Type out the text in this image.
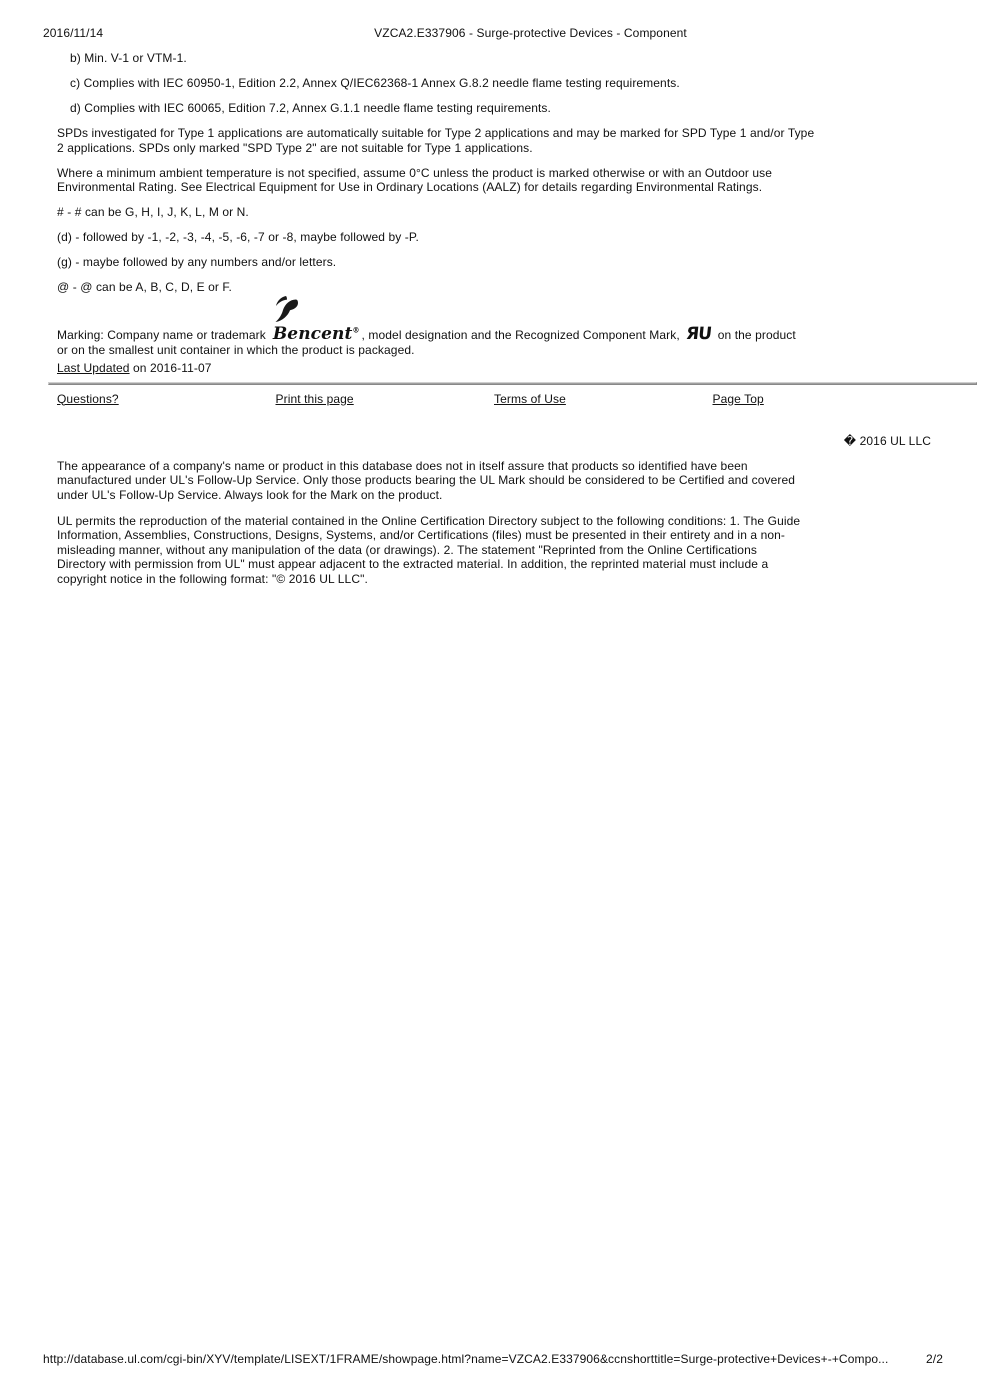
2016/11/14	VZCA2.E337906 - Surge-protective Devices - Component
b) Min. V-1 or VTM-1.
c) Complies with IEC 60950-1, Edition 2.2, Annex Q/IEC62368-1 Annex G.8.2 needle flame testing requirements.
d) Complies with IEC 60065, Edition 7.2, Annex G.1.1 needle flame testing requirements.
SPDs investigated for Type 1 applications are automatically suitable for Type 2 applications and may be marked for SPD Type 1 and/or Type
2 applications. SPDs only marked "SPD Type 2" are not suitable for Type 1 applications.
Where a minimum ambient temperature is not specified, assume 0°C unless the product is marked otherwise or with an Outdoor use
Environmental Rating. See Electrical Equipment for Use in Ordinary Locations (AALZ) for details regarding Environmental Ratings.
# - # can be G, H, I, J, K, L, M or N.
(d) - followed by -1, -2, -3, -4, -5, -6, -7 or -8, maybe followed by -P.
(g) - maybe followed by any numbers and/or letters.
@ - @ can be A, B, C, D, E or F.
Marking: Company name or trademark Bencent® , model designation and the Recognized Component Mark, ЯU on the product
or on the smallest unit container in which the product is packaged.
Last Updated on 2016-11-07
Questions?	Print this page	Terms of Use	Page Top
� 2016 UL LLC
The appearance of a company's name or product in this database does not in itself assure that products so identified have been
manufactured under UL's Follow-Up Service. Only those products bearing the UL Mark should be considered to be Certified and covered
under UL's Follow-Up Service. Always look for the Mark on the product.
UL permits the reproduction of the material contained in the Online Certification Directory subject to the following conditions: 1. The Guide
Information, Assemblies, Constructions, Designs, Systems, and/or Certifications (files) must be presented in their entirety and in a non-
misleading manner, without any manipulation of the data (or drawings). 2. The statement "Reprinted from the Online Certifications
Directory with permission from UL" must appear adjacent to the extracted material. In addition, the reprinted material must include a
copyright notice in the following format: "© 2016 UL LLC".
http://database.ul.com/cgi-bin/XYV/template/LISEXT/1FRAME/showpage.html?name=VZCA2.E337906&ccnshorttitle=Surge-protective+Devices+-+Compo...	2/2
